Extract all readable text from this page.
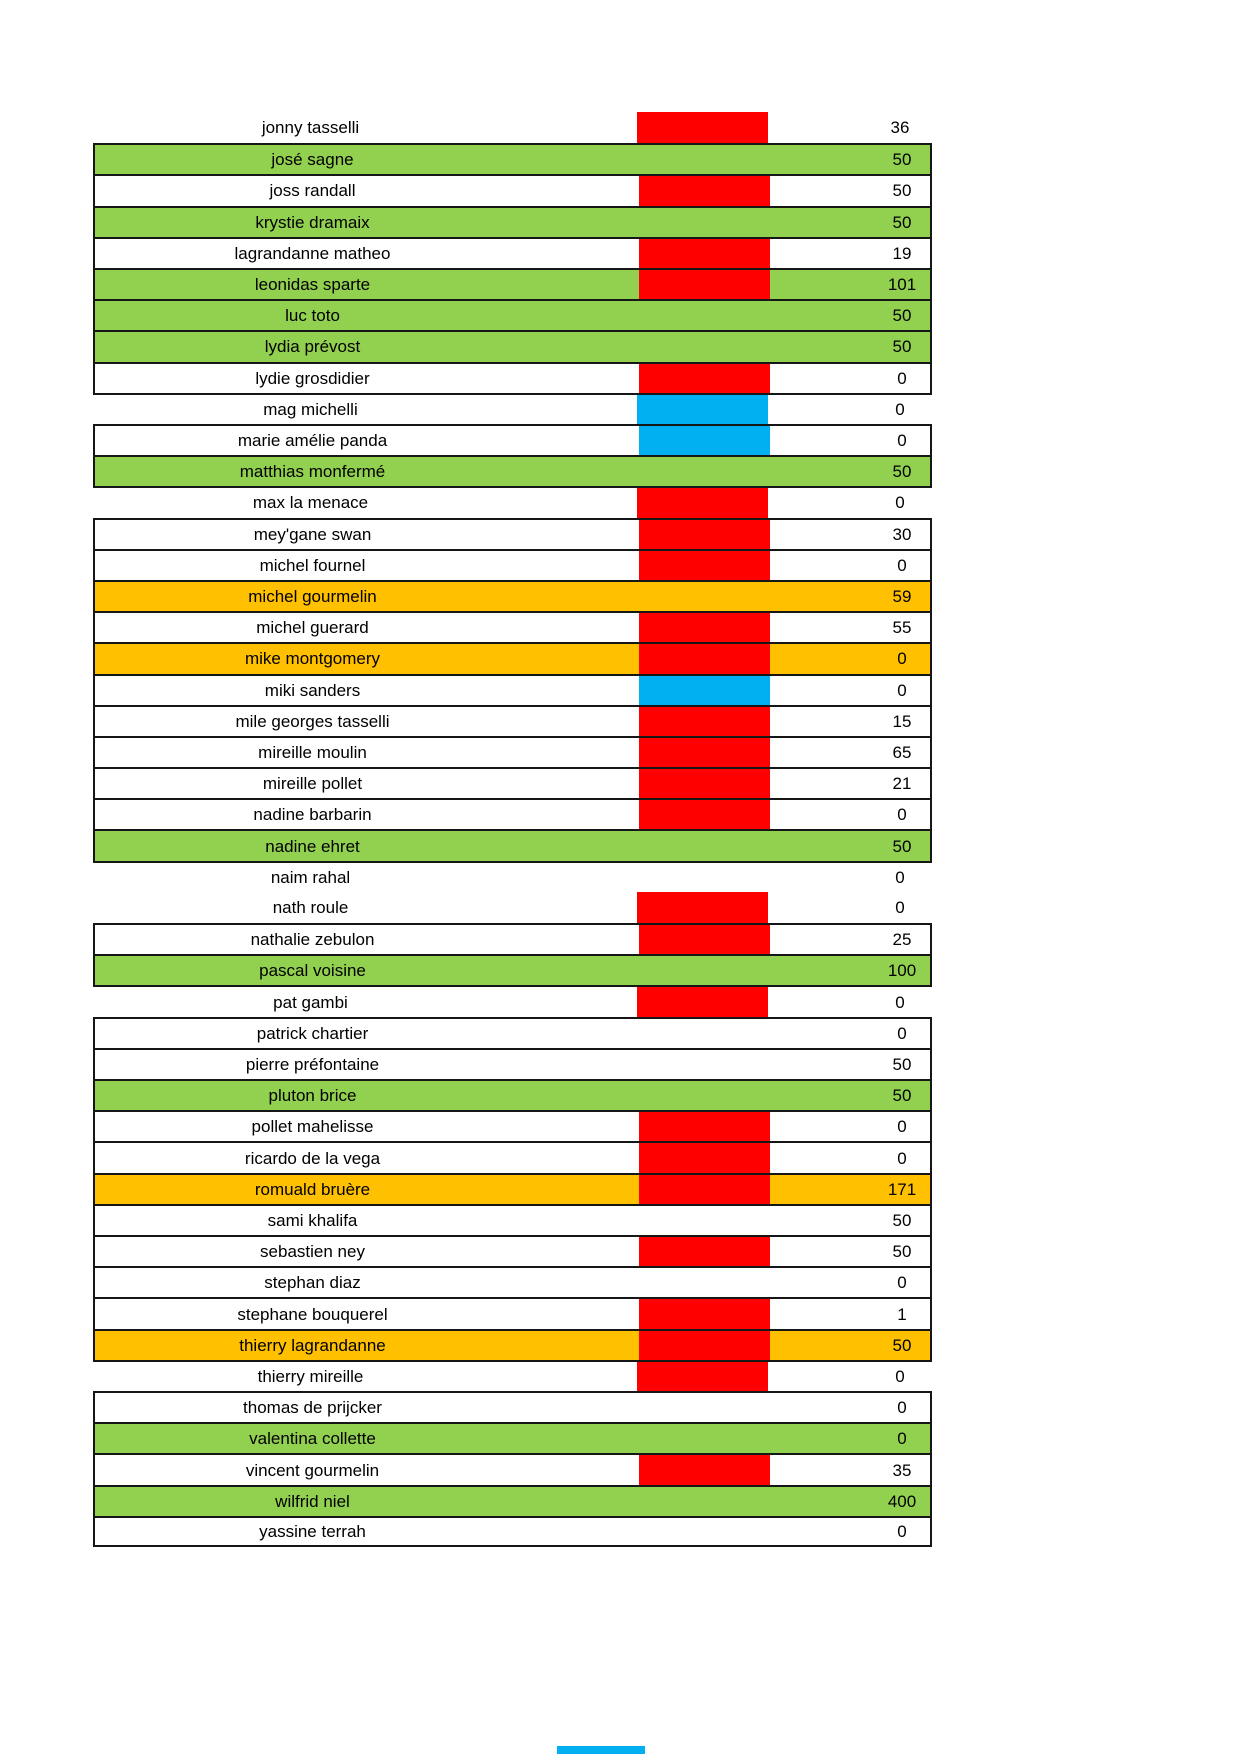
jonny tasselli	36
josé sagne	50
joss randall	50
krystie dramaix	50
lagrandanne matheo	19
leonidas sparte	101
luc toto	50
lydia prévost	50
lydie grosdidier	0
mag michelli	0
marie amélie panda	0
matthias monfermé	50
max la menace	0
mey'gane swan	30
michel fournel	0
michel gourmelin	59
michel guerard	55
mike montgomery	0
miki sanders	0
mile georges tasselli	15
mireille moulin	65
mireille pollet	21
nadine barbarin	0
nadine ehret	50
naim rahal	0
nath roule	0
nathalie zebulon	25
pascal voisine	100
pat gambi	0
patrick chartier	0
pierre préfontaine	50
pluton brice	50
pollet mahelisse	0
ricardo de la vega	0
romuald bruère	171
sami khalifa	50
sebastien ney	50
stephan diaz	0
stephane bouquerel	1
thierry lagrandanne	50
thierry mireille	0
thomas de prijcker	0
valentina collette	0
vincent gourmelin	35
wilfrid niel	400
yassine terrah	0
